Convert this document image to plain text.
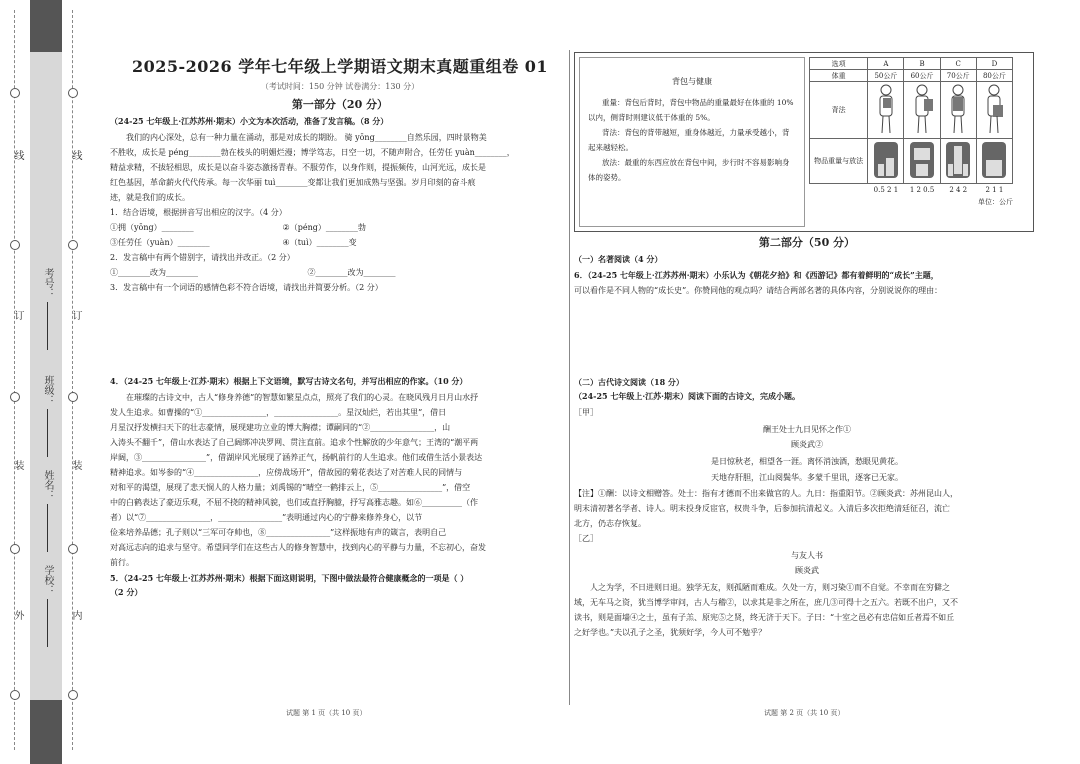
线
订
装
外
线
订
装
内
学校：
姓名：
班级：
考号：
2025-2026 学年七年级上学期语文期末真题重组卷 01
（考试时间：150 分钟 试卷满分：130 分）
第一部分（20 分）
（24-25 七年级上·江苏苏州·期末）小文为本次活动，准备了发言稿。（8 分）

我们的内心深处，总有一种力量在涌动，那是对成长的期盼。 骑 yōng________自然乐园，四时景物美

不胜收，成长是 péng________勃在枝头的明媚烂漫；博学笃志，日空一切，不随声附合，任劳任 yuàn________，

精益求精，不拔轻相思，成长是以奋斗姿态激扬青春。不服劳作，以身作则，提振频传，山河光远，成长是

红色基因，革命薪火代代传承。每一次华丽 tuì________变都让我们更加成熟与坚强。岁月印刻的奋斗痕

迹，就是我们的成长。

1．结合语境，根据拼音写出相应的汉字。（4 分）

①拥（yōng）________	②（péng）________勃

③任劳任（yuàn）________	④（tuì）________变

2．发言稿中有两个错别字，请找出并改正。（2 分）

①________改为________	②________改为________

3．发言稿中有一个词语的感情色彩不符合语境，请找出并简要分析。（2 分）

4．（24-25 七年级上·江苏·期末）根据上下文语境，默写古诗文名句，并写出相应的作家。（10 分）

在璀璨的古诗文中，古人“修身养德”的智慧如繁星点点，照亮了我们的心灵。在晓风残月日月山水抒

发人生追求。如曹操的“①________________，________________。星汉灿烂，若出其里”，借日

月星汉抒发横扫天下的壮志豪情，展现建功立业的博大胸襟；谭嗣同的“②________________，山

入涛头不翻千”，借山水表达了自己阔绑冲决罗网、贯注直前。追求个性解放的少年意气；王湾的“潮平两

岸阔，③________________”，借湖岸风光展现了涵养正气，扬帆前行的人生追求。他们或借生活小景表达

精神追求。如岑参的“④________________，应傍战场开”，借故园的菊花表达了对苦难人民的同情与

对和平的渴望，展现了悲天悯人的人格力量；刘禹锡的“晴空一鹤排云上，⑤________________”，借空

中的白鹤表达了豪迈乐观，不屈不挠的精神风貌，也们或直抒胸臆，抒写高雅志趣。如⑥__________（作

者）以“⑦________________，________________”表明通过内心的宁静来修养身心，以节

俭来培养品德；孔子则以“三军可夺帅也，⑧________________”这样振地有声的箴言，表明自己

对高远志向的追求与坚守。希望同学们在这些古人的修身智慧中，找到内心的平静与力量，不忘初心，奋发

前行。

5．（24-25 七年级上·江苏苏州·期末）根据下面这则说明，下图中做法最符合健康概念的一项是（ ）
（2 分）
试题 第 1 页（共 10 页）
背包与健康

重量：背包后背时，背包中物品的重量最好在体重的 10%以内，侧背时则建议低于体重的 5%。

背法：背包的背带越短，重身体越近，力量承受越小，背起来越轻松。

放法：最重的东西应放在背包中间，步行时不容易影响身体的姿势。

选项	A	B	C	D
体重	50公斤	60公斤	70公斤	80公斤
背法				
物品重量与放法				
	0.5 2 1	1 2 0.5	2 4 2	2 1 1
单位：公斤
第二部分（50 分）
（一）名著阅读（4 分）

6．（24-25 七年级上·江苏苏州·期末）小乐认为《朝花夕拾》和《西游记》都有着鲜明的“成长”主题，

可以看作是不同人物的“成长史”。你赞同他的观点吗？请结合两部名著的具体内容，分别说说你的理由：

（二）古代诗文阅读（18 分）
（24-25 七年级上·江苏·期末）阅读下面的古诗文，完成小题。

［甲］

酬王处士九日见怀之作①
顾炎武②

是日惊秋老，相望各一涯。离怀消浊酒，愁眼见黄花。

天地存肝胆，江山阅鬓华。多蒙千里讯，逐客已无家。

【注】①酬：以诗文相赠答。处士：指有才德而不出来做官的人。九日：指重阳节。②顾炎武：苏州昆山人，

明末清初著名学者、诗人。明末投身反宦官，权贵斗争，后参加抗清起义。入清后多次拒绝清廷征召，流亡

北方，仍志存恢复。

［乙］

与友人书
顾炎武

人之为学，不日进则日退。独学无友，则孤陋而难成。久处一方，则习染①而不自觉。不幸而在穷僻之

域，无车马之资，犹当博学审问，古人与稽②，以求其是非之所在，庶几③可得十之五六。若既不出户，又不

读书，则是面墙④之士，虽有子羔、原宪⑤之贤，终无济于天下。子曰：“十室之邑必有忠信如丘者焉不如丘

之好学也。”夫以孔子之圣，犹须好学，今人可不勉乎？

试题 第 2 页（共 10 页）
